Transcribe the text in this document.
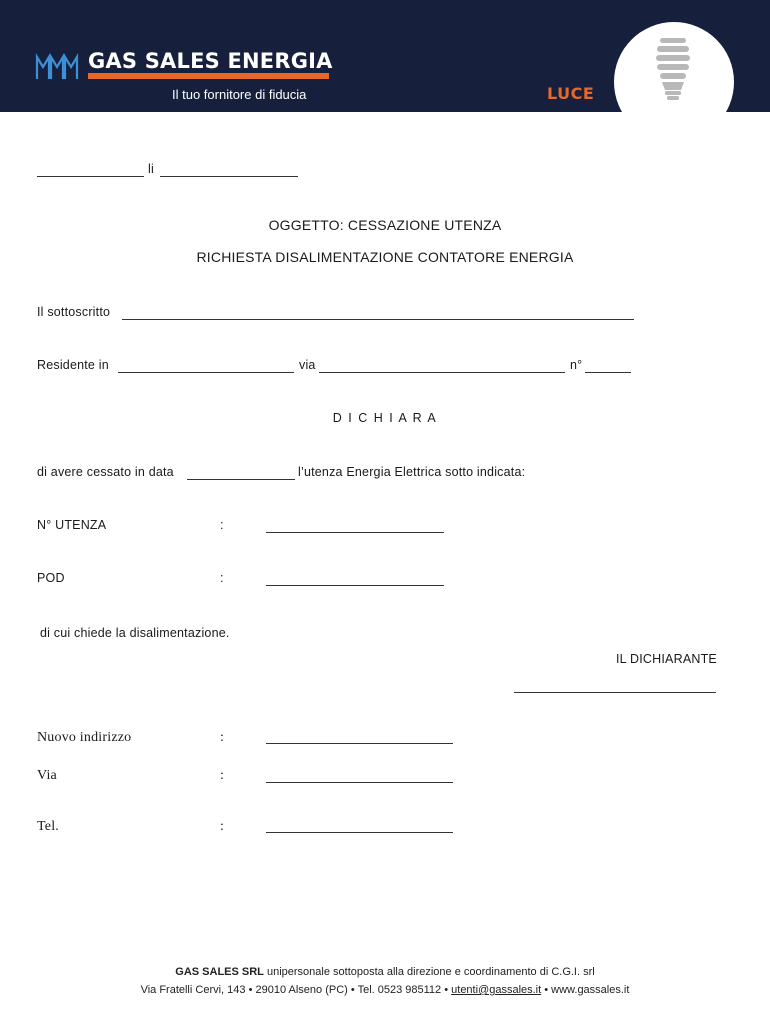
GAS SALES ENERGIA
Il tuo fornitore di fiducia	LUCE
li
OGGETTO: CESSAZIONE UTENZA
RICHIESTA DISALIMENTAZIONE CONTATORE ENERGIA
Il sottoscritto
Residente in	via	n°
D I C H I A R A
di avere cessato in data	l’utenza Energia Elettrica sotto indicata:
N° UTENZA	:
POD	:
di cui chiede la disalimentazione.
IL DICHIARANTE
Nuovo indirizzo	:
Via	:
Tel.	:
GAS SALES SRL unipersonale sottoposta alla direzione e coordinamento di C.G.I. srl
Via Fratelli Cervi, 143 • 29010 Alseno (PC) • Tel. 0523 985112 • utenti@gassales.it • www.gassales.it
